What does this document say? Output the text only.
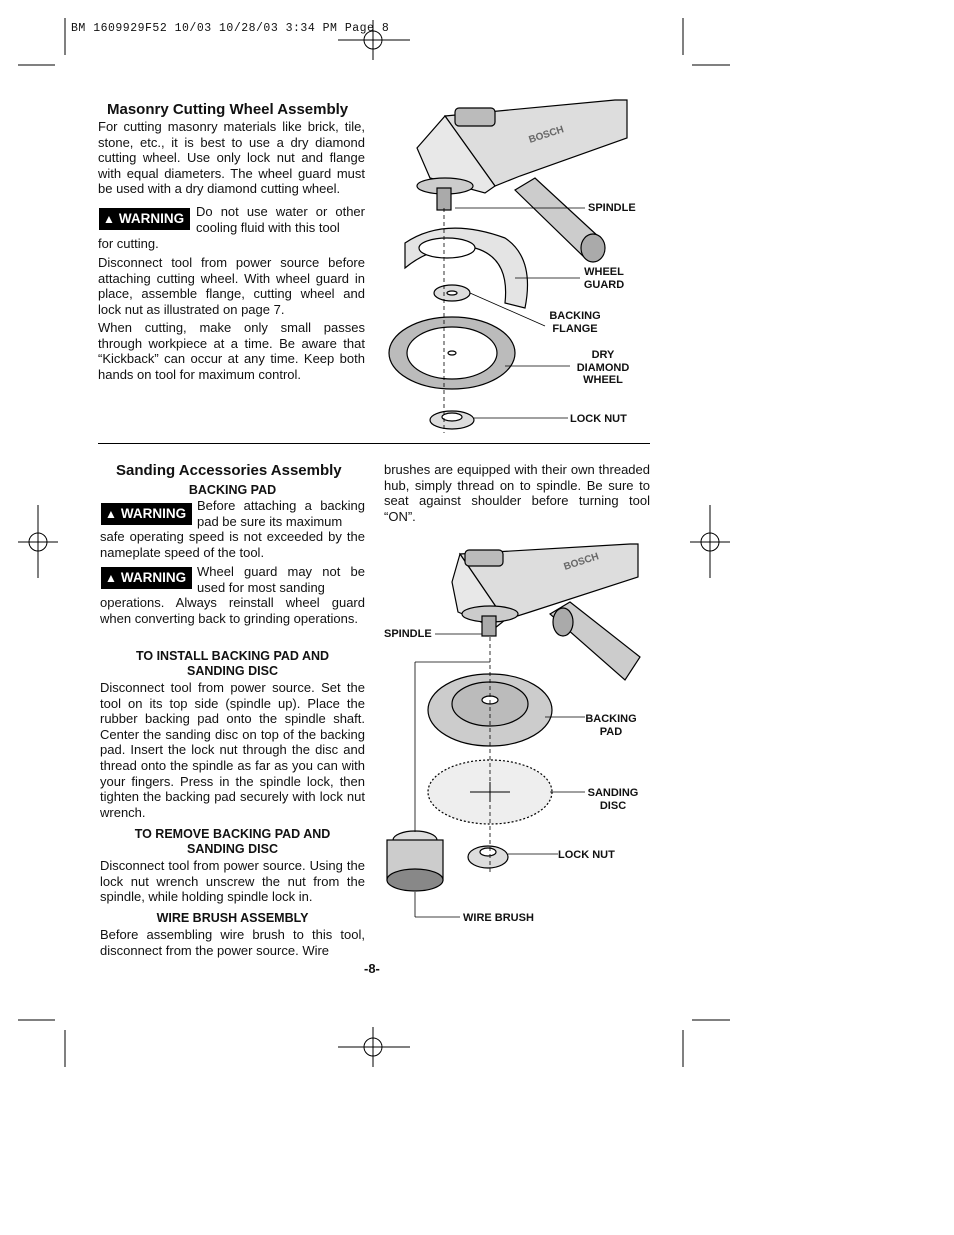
BM 1609929F52 10/03 10/28/03 3:34 PM Page 8
Masonry Cutting Wheel Assembly

For cutting masonry materials like brick, tile, stone, etc., it is best to use a dry diamond cutting wheel. Use only lock nut and flange with equal diameters. The wheel guard must be used with a dry diamond cutting wheel.

▲ WARNING Do not use water or other cooling fluid with this tool

for cutting.

Disconnect tool from power source before attaching cutting wheel. With wheel guard in place, assemble flange, cutting wheel and lock nut as illustrated on page 7.

When cutting, make only small passes through workpiece at a time. Be aware that “Kickback” can occur at any time. Keep both hands on tool for maximum control.

BOSCH
SPINDLE
WHEEL
GUARD
BACKING
FLANGE
DRY
DIAMOND
WHEEL
LOCK NUT
Sanding Accessories Assembly
BACKING PAD
▲ WARNING

Before attaching a backing pad be sure its maximum

safe operating speed is not exceeded by the nameplate speed of the tool.

▲ WARNING Wheel guard may not be used for most sanding

operations. Always reinstall wheel guard when converting back to grinding operations.

TO INSTALL BACKING PAD AND
SANDING DISC

Disconnect tool from power source. Set the tool on its top side (spindle up). Place the rubber backing pad onto the spindle shaft. Center the sanding disc on top of the backing pad. Insert the lock nut through the disc and thread onto the spindle as far as you can with your fingers. Press in the spindle lock, then tighten the backing pad securely with lock nut wrench.

TO REMOVE BACKING PAD AND
SANDING DISC

Disconnect tool from power source. Using the lock nut wrench unscrew the nut from the spindle, while holding spindle lock in.

WIRE BRUSH ASSEMBLY

Before assembling wire brush to this tool, disconnect from the power source. Wire

brushes are equipped with their own threaded hub, simply thread on to spindle. Be sure to seat against shoulder before turning tool “ON”.

BOSCH
SPINDLE
BACKING
PAD
SANDING
DISC
LOCK NUT
WIRE BRUSH
-8-
